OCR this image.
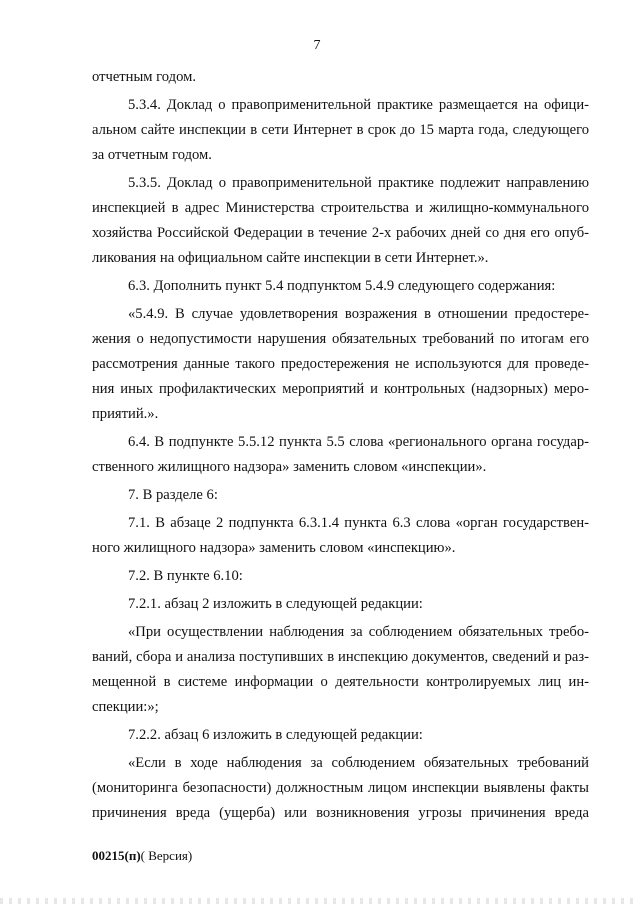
7
отчетным годом.
5.3.4. Доклад о правоприменительной практике размещается на офици-
альном сайте инспекции в сети Интернет в срок до 15 марта года, следующего
за отчетным годом.
5.3.5. Доклад о правоприменительной практике подлежит направлению
инспекцией в адрес Министерства строительства и жилищно-коммунального
хозяйства Российской Федерации в течение 2-х рабочих дней со дня его опуб-
ликования на официальном сайте инспекции в сети Интернет.».
6.3. Дополнить пункт 5.4 подпунктом 5.4.9 следующего содержания:
«5.4.9. В случае удовлетворения возражения в отношении предостере-
жения о недопустимости нарушения обязательных требований по итогам его
рассмотрения данные такого предостережения не используются для проведе-
ния иных профилактических мероприятий и контрольных (надзорных) меро-
приятий.».
6.4. В подпункте 5.5.12 пункта 5.5 слова «регионального органа государ-
ственного жилищного надзора» заменить словом «инспекции».
7. В разделе 6:
7.1. В абзаце 2 подпункта 6.3.1.4 пункта 6.3 слова «орган государствен-
ного жилищного надзора» заменить словом «инспекцию».
7.2. В пункте 6.10:
7.2.1. абзац 2 изложить в следующей редакции:
«При осуществлении наблюдения за соблюдением обязательных требо-
ваний, сбора и анализа поступивших в инспекцию документов, сведений и раз-
мещенной в системе информации о деятельности контролируемых лиц ин-
спекции:»;
7.2.2. абзац 6 изложить в следующей редакции:
«Если в ходе наблюдения за соблюдением обязательных требований
(мониторинга безопасности) должностным лицом инспекции выявлены факты
причинения вреда (ущерба) или возникновения угрозы причинения вреда
00215(п)( Версия)
